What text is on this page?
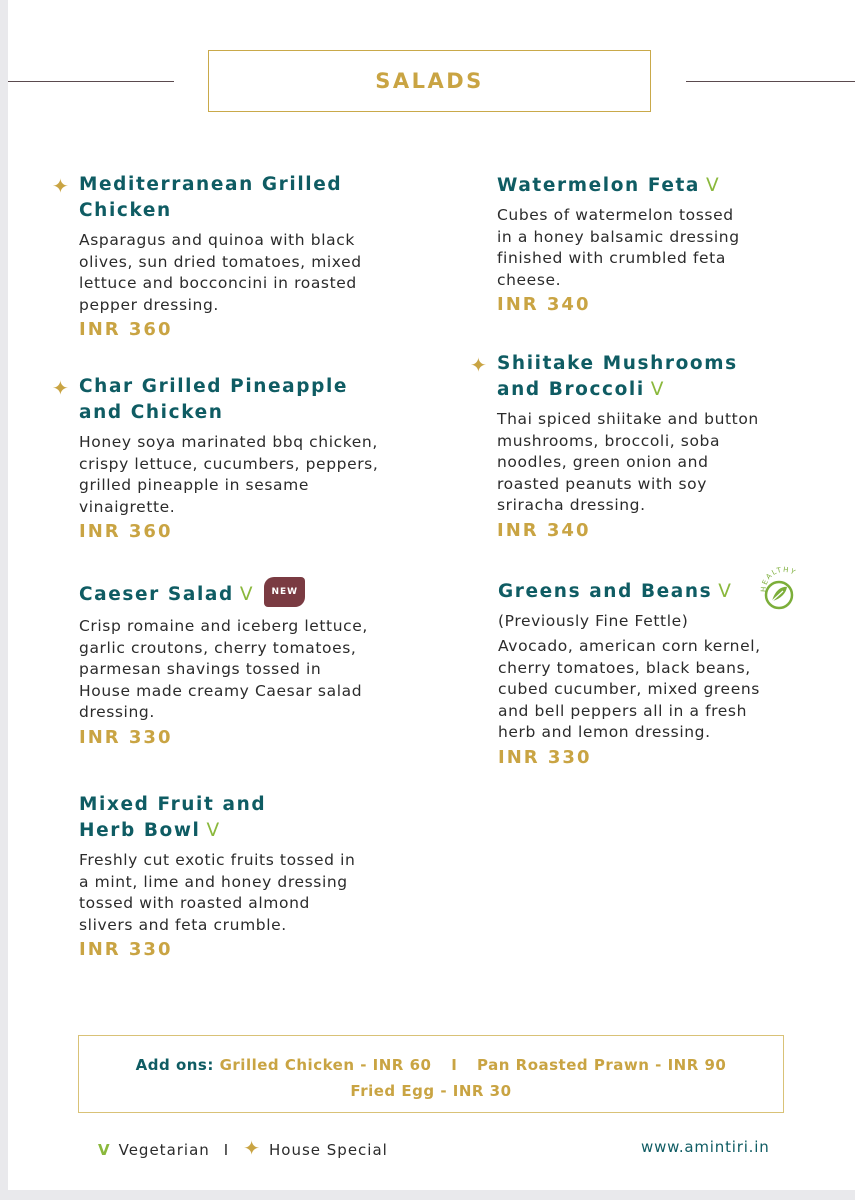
SALADS
✦ Mediterranean Grilled Chicken

Asparagus and quinoa with black
olives, sun dried tomatoes, mixed
lettuce and bocconcini in roasted
pepper dressing.

INR 360
✦ Char Grilled Pineapple and Chicken

Honey soya marinated bbq chicken,
crispy lettuce, cucumbers, peppers,
grilled pineapple in sesame
vinaigrette.

INR 360
Caeser Salad V NEW

Crisp romaine and iceberg lettuce,
garlic croutons, cherry tomatoes,
parmesan shavings tossed in
House made creamy Caesar salad
dressing.

INR 330
Mixed Fruit and Herb Bowl V

Freshly cut exotic fruits tossed in
a mint, lime and honey dressing
tossed with roasted almond
slivers and feta crumble.

INR 330
Watermelon Feta V

Cubes of watermelon tossed
in a honey balsamic dressing
finished with crumbled feta
cheese.

INR 340
✦ Shiitake Mushrooms and Broccoli V

Thai spiced shiitake and button
mushrooms, broccoli, soba
noodles, green onion and
roasted peanuts with soy
sriracha dressing.

INR 340
Greens and Beans V

(Previously Fine Fettle)

Avocado, american corn kernel,
cherry tomatoes, black beans,
cubed cucumber, mixed greens
and bell peppers all in a fresh
herb and lemon dressing.

INR 330
HEALTHY
Add ons: Grilled Chicken - INR 60 I Pan Roasted Prawn - INR 90
Fried Egg - INR 30
V Vegetarian I ✦ House Special	www.amintiri.in
